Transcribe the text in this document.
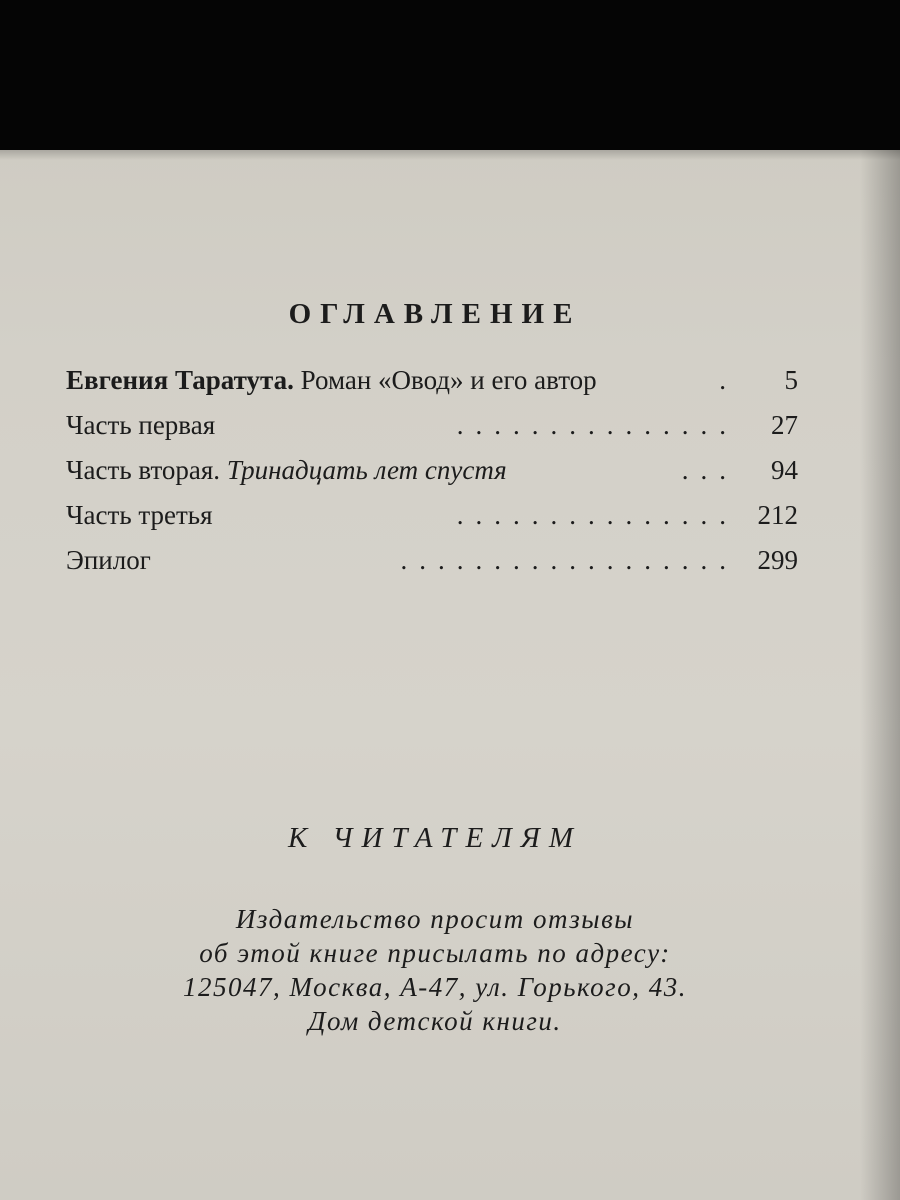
ОГЛАВЛЕНИЕ
Евгения Таратута. Роман «Овод» и его автор	.	5
Часть первая	...............	27
Часть вторая. Тринадцать лет спустя	...	94
Часть третья	............... 212
Эпилог	.................. 299
К ЧИТАТЕЛЯМ
Издательство просит отзывы
об этой книге присылать по адресу:
125047, Москва, А-47, ул. Горького, 43.
Дом детской книги.
